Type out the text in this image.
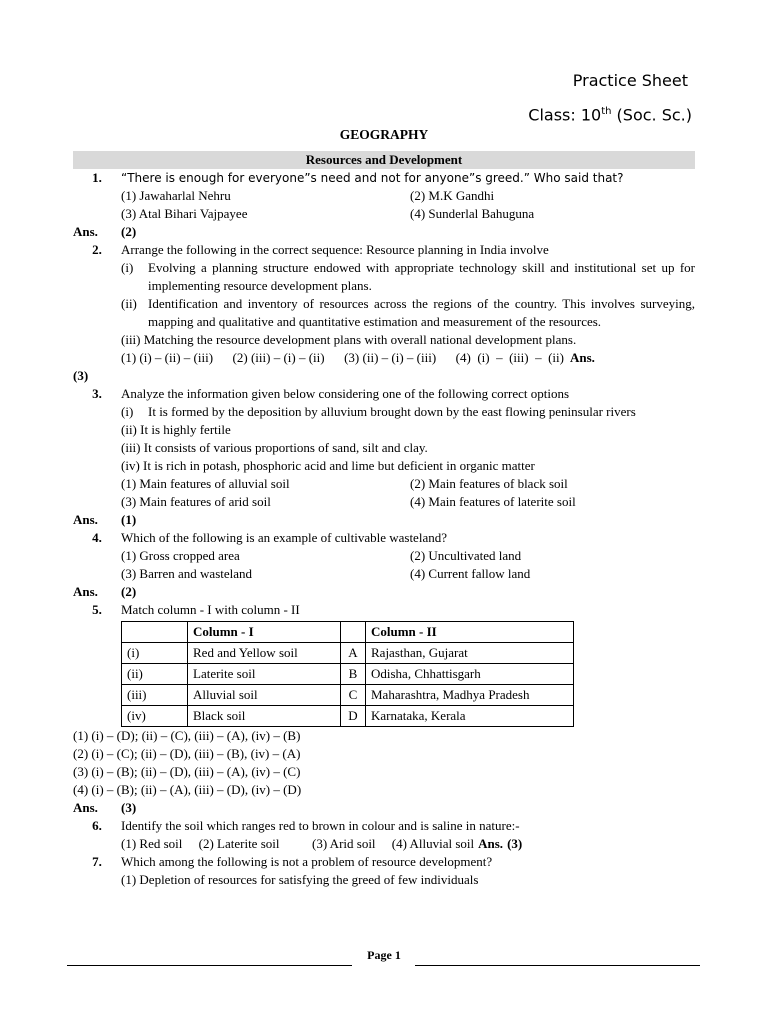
Practice Sheet
Class: 10th (Soc. Sc.)
GEOGRAPHY
Resources and Development
1.	“There is enough for everyone”s need and not for anyone”s greed.” Who said that?
(1) Jawaharlal Nehru	(2) M.K Gandhi
(3) Atal Bihari Vajpayee	(4) Sunderlal Bahuguna
Ans.	(2)
2.	Arrange the following in the correct sequence: Resource planning in India involve
(i)	Evolving a planning structure endowed with appropriate technology skill and institutional set up for implementing resource development plans.
(ii) Identification and inventory of resources across the regions of the country. This involves surveying, mapping and qualitative and quantitative estimation and measurement of the resources.
(iii) Matching the resource development plans with overall national development plans.
(1) (i) – (ii) – (iii)      (2) (iii) – (i) – (ii)      (3) (ii) – (i) – (iii)      (4)  (i)  –  (iii)  –  (ii) Ans.
(3)
3.	Analyze the information given below considering one of the following correct options
(i)	It is formed by the deposition by alluvium brought down by the east flowing peninsular rivers
(ii) It is highly fertile
(iii) It consists of various proportions of sand, silt and clay.
(iv) It is rich in potash, phosphoric acid and lime but deficient in organic matter
(1) Main features of alluvial soil	(2) Main features of black soil
(3) Main features of arid soil	(4) Main features of laterite soil
Ans.	(1)
4.	Which of the following is an example of cultivable wasteland?
(1) Gross cropped area	(2) Uncultivated land
(3) Barren and wasteland	(4) Current fallow land
Ans.	(2)
5.	Match column - I with column - II
	Column - I		Column - II
(i)	Red and Yellow soil	A	Rajasthan, Gujarat
(ii)	Laterite soil	B	Odisha, Chhattisgarh
(iii)	Alluvial soil	C	Maharashtra, Madhya Pradesh
(iv)	Black soil	D	Karnataka, Kerala
(1) (i) – (D); (ii) – (C), (iii) – (A), (iv) – (B)
(2) (i) – (C); (ii) – (D), (iii) – (B), (iv) – (A)
(3) (i) – (B); (ii) – (D), (iii) – (A), (iv) – (C)
(4) (i) – (B); (ii) – (A), (iii) – (D), (iv) – (D)
Ans.	(3)
6.	Identify the soil which ranges red to brown in colour and is saline in nature:-
(1) Red soil     (2) Laterite soil          (3) Arid soil     (4) Alluvial soil Ans. (3)
7.	Which among the following is not a problem of resource development?
(1) Depletion of resources for satisfying the greed of few individuals
Page 1
